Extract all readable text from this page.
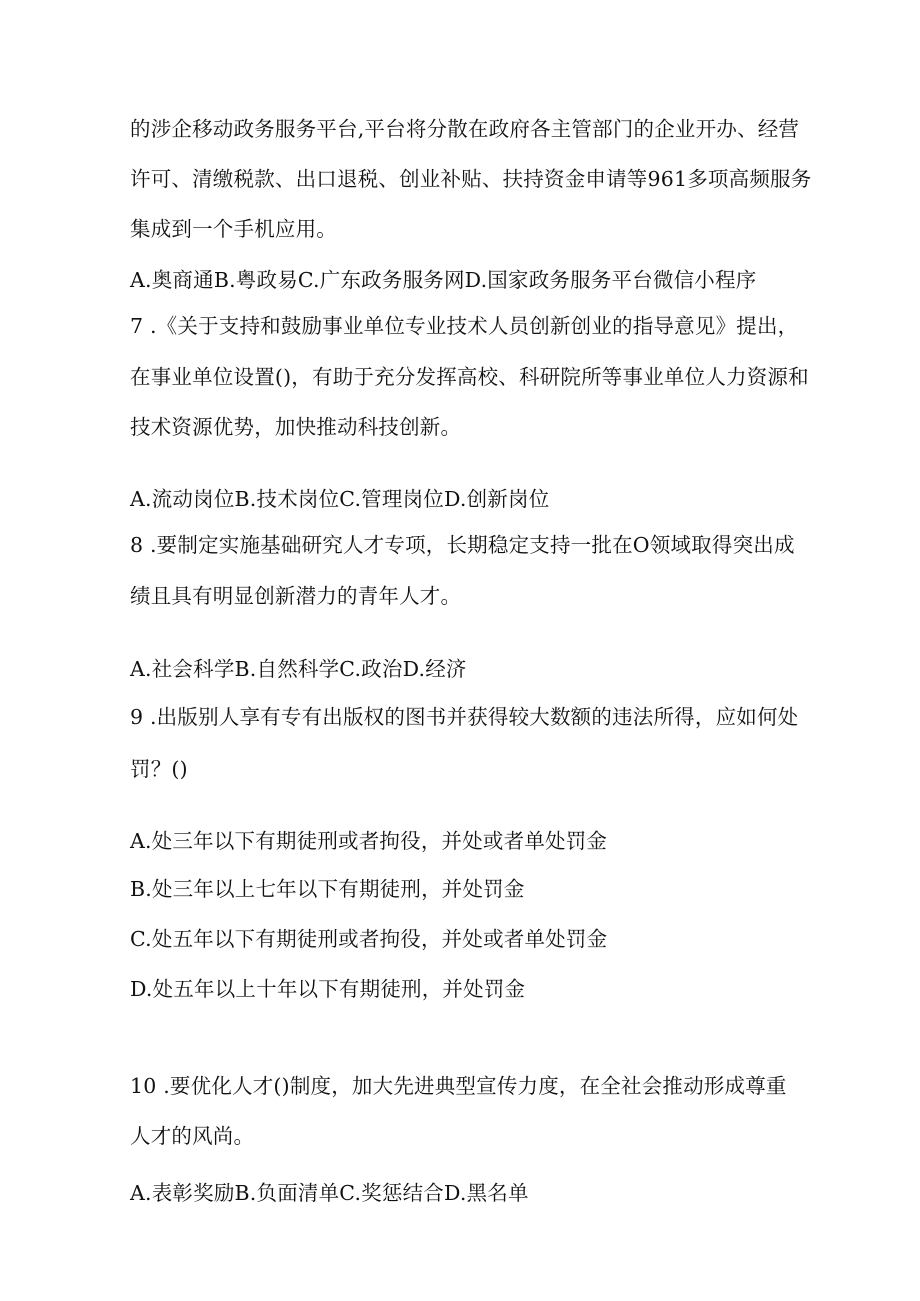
的涉企移动政务服务平台,平台将分散在政府各主管部门的企业开办、经营
许可、清缴税款、出口退税、创业补贴、扶持资金申请等961多项高频服务
集成到一个手机应用。
A.奥商通B.粤政易C.广东政务服务网D.国家政务服务平台微信小程序
7 .《关于支持和鼓励事业单位专业技术人员创新创业的指导意见》提出，
在事业单位设置()，有助于充分发挥高校、科研院所等事业单位人力资源和
技术资源优势，加快推动科技创新。
A.流动岗位B.技术岗位C.管理岗位D.创新岗位
8 .要制定实施基础研究人才专项，长期稳定支持一批在O领域取得突出成
绩且具有明显创新潜力的青年人才。
A.社会科学B.自然科学C.政治D.经济
9 .出版别人享有专有出版权的图书并获得较大数额的违法所得，应如何处
罚？()
A.处三年以下有期徒刑或者拘役，并处或者单处罚金
B.处三年以上七年以下有期徒刑，并处罚金
C.处五年以下有期徒刑或者拘役，并处或者单处罚金
D.处五年以上十年以下有期徒刑，并处罚金
10 .要优化人才()制度，加大先进典型宣传力度，在全社会推动形成尊重
人才的风尚。
A.表彰奖励B.负面清单C.奖惩结合D.黑名单
